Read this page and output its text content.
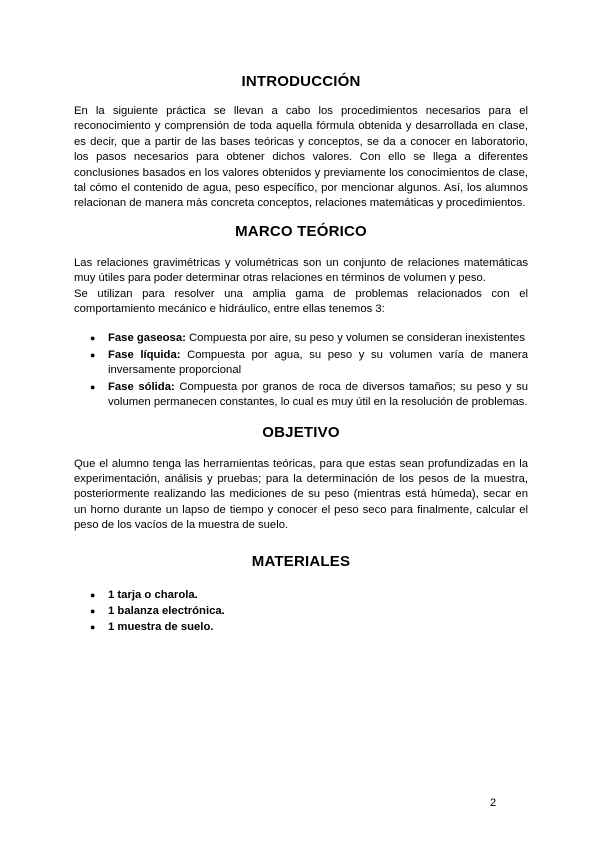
INTRODUCCIÓN

En la siguiente práctica se llevan a cabo los procedimientos necesarios para el reconocimiento y comprensión de toda aquella fórmula obtenida y desarrollada en clase, es decir, que a partir de las bases teóricas y conceptos, se da a conocer en laboratorio, los pasos necesarios para obtener dichos valores. Con ello se llega a diferentes conclusiones basados en los valores obtenidos y previamente los conocimientos de clase, tal cómo el contenido de agua, peso específico, por mencionar algunos. Así, los alumnos relacionan de manera más concreta conceptos, relaciones matemáticas y procedimientos.

MARCO TEÓRICO

Las relaciones gravimétricas y volumétricas son un conjunto de relaciones matemáticas muy útiles para poder determinar otras relaciones en términos de volumen y peso.

Se utilizan para resolver una amplia gama de problemas relacionados con el comportamiento mecánico e hidráulico, entre ellas tenemos 3:

● Fase gaseosa: Compuesta por aire, su peso y volumen se consideran inexistentes
● Fase líquida: Compuesta por agua, su peso y su volumen varía de manera inversamente proporcional
● Fase sólida: Compuesta por granos de roca de diversos tamaños; su peso y su volumen permanecen constantes, lo cual es muy útil en la resolución de problemas.
OBJETIVO

Que el alumno tenga las herramientas teóricas, para que estas sean profundizadas en la experimentación, análisis y pruebas; para la determinación de los pesos de la muestra, posteriormente realizando las mediciones de su peso (mientras está húmeda), secar en un horno durante un lapso de tiempo y conocer el peso seco para finalmente, calcular el peso de los vacíos de la muestra de suelo.

MATERIALES
● 1 tarja o charola.
● 1 balanza electrónica.
● 1 muestra de suelo.
2
